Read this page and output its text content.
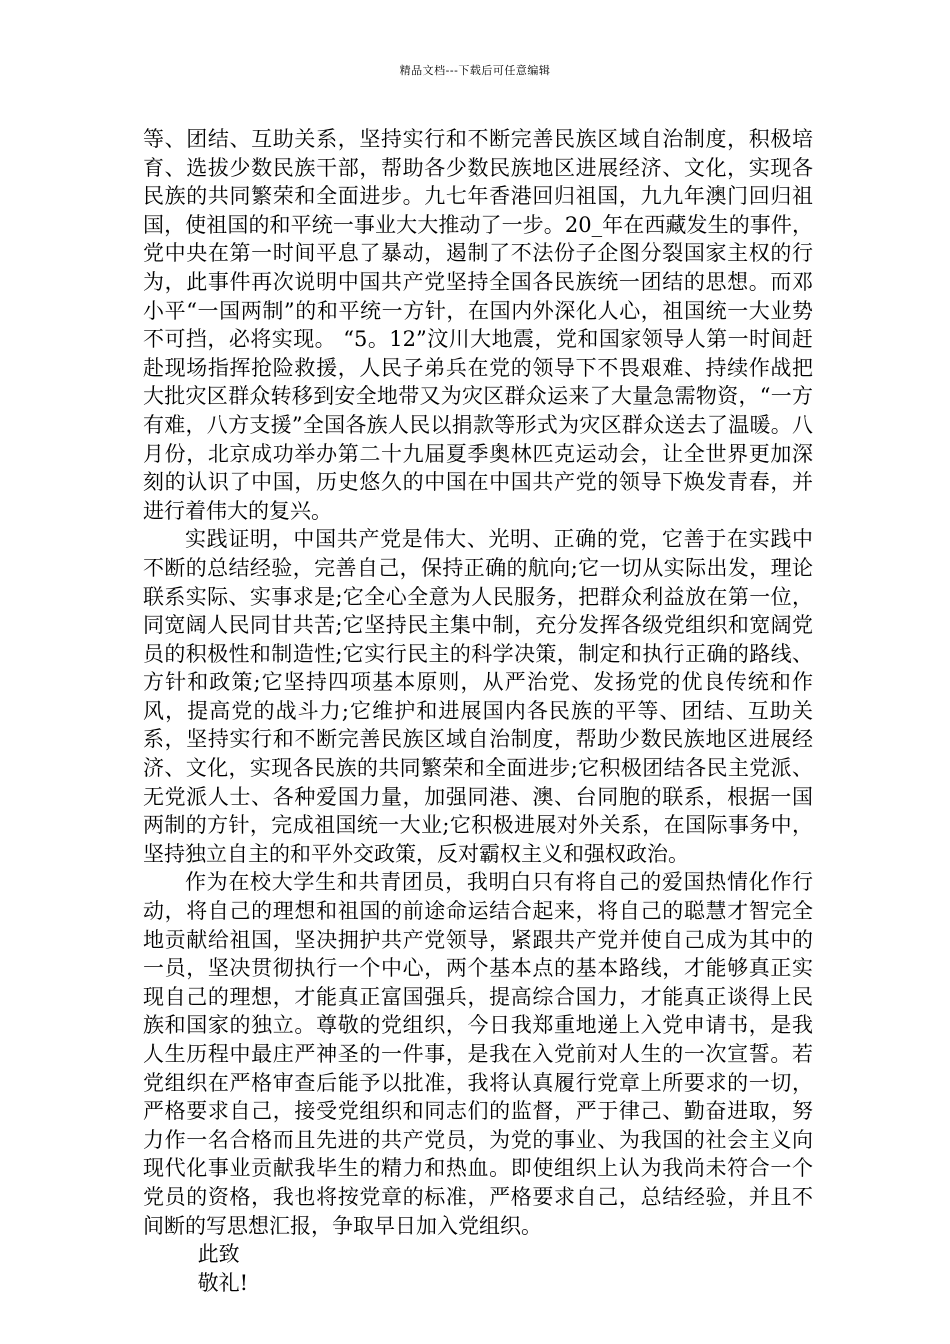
精品文档---下载后可任意编辑

等、团结、互助关系，坚持实行和不断完善民族区域自治制度，积极培育、选拔少数民族干部，帮助各少数民族地区进展经济、文化，实现各民族的共同繁荣和全面进步。九七年香港回归祖国，九九年澳门回归祖国，使祖国的和平统一事业大大推动了一步。20_年在西藏发生的事件，党中央在第一时间平息了暴动，遏制了不法份子企图分裂国家主权的行为，此事件再次说明中国共产党坚持全国各民族统一团结的思想。而邓小平“一国两制”的和平统一方针，在国内外深化人心，祖国统一大业势不可挡，必将实现。 “5。12”汶川大地震，党和国家领导人第一时间赶赴现场指挥抢险救援，人民子弟兵在党的领导下不畏艰难、持续作战把大批灾区群众转移到安全地带又为灾区群众运来了大量急需物资，“一方有难，八方支援”全国各族人民以捐款等形式为灾区群众送去了温暖。八月份，北京成功举办第二十九届夏季奥林匹克运动会，让全世界更加深刻的认识了中国，历史悠久的中国在中国共产党的领导下焕发青春，并进行着伟大的复兴。

实践证明，中国共产党是伟大、光明、正确的党，它善于在实践中不断的总结经验，完善自己，保持正确的航向;它一切从实际出发，理论联系实际、实事求是;它全心全意为人民服务，把群众利益放在第一位，同宽阔人民同甘共苦;它坚持民主集中制，充分发挥各级党组织和宽阔党员的积极性和制造性;它实行民主的科学决策，制定和执行正确的路线、方针和政策;它坚持四项基本原则，从严治党、发扬党的优良传统和作风，提高党的战斗力;它维护和进展国内各民族的平等、团结、互助关系，坚持实行和不断完善民族区域自治制度，帮助少数民族地区进展经济、文化，实现各民族的共同繁荣和全面进步;它积极团结各民主党派、无党派人士、各种爱国力量，加强同港、澳、台同胞的联系，根据一国两制的方针，完成祖国统一大业;它积极进展对外关系，在国际事务中，坚持独立自主的和平外交政策，反对霸权主义和强权政治。

作为在校大学生和共青团员，我明白只有将自己的爱国热情化作行动，将自己的理想和祖国的前途命运结合起来，将自己的聪慧才智完全地贡献给祖国，坚决拥护共产党领导，紧跟共产党并使自己成为其中的一员，坚决贯彻执行一个中心，两个基本点的基本路线，才能够真正实现自己的理想，才能真正富国强兵，提高综合国力，才能真正谈得上民族和国家的独立。尊敬的党组织，今日我郑重地递上入党申请书，是我人生历程中最庄严神圣的一件事，是我在入党前对人生的一次宣誓。若党组织在严格审查后能予以批准，我将认真履行党章上所要求的一切，严格要求自己，接受党组织和同志们的监督，严于律己、勤奋进取，努力作一名合格而且先进的共产党员，为党的事业、为我国的社会主义向现代化事业贡献我毕生的精力和热血。即使组织上认为我尚未符合一个党员的资格，我也将按党章的标准，严格要求自己，总结经验，并且不间断的写思想汇报，争取早日加入党组织。

此致

敬礼!
